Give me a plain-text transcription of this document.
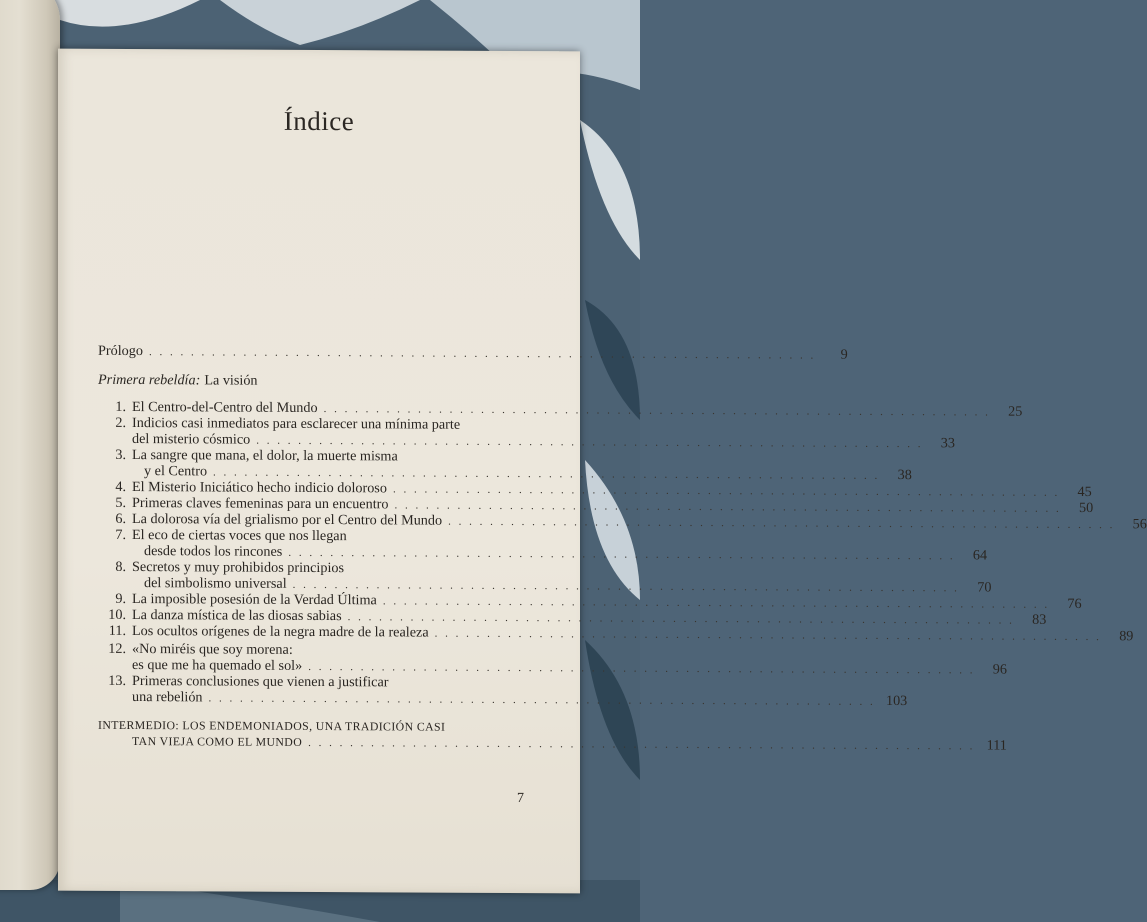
Índice
Prólogo . . . . . . . . . . . . . . . . . . . . . . . . . . . . . . . . . . . . . . . . . . . . . . . . . . . . . . . . . . . . . . . .	9
Primera rebeldía: La visión
1. El Centro-del-Centro del Mundo . . . . . . . . . . . . . . . . . . . . . . . . . . . . . . . . . . . . . . . . . . . . . . . . . . . . . . . . . . . . . . . .	25
2. Indicios casi inmediatos para esclarecer una mínima parte
del misterio cósmico . . . . . . . . . . . . . . . . . . . . . . . . . . . . . . . . . . . . . . . . . . . . . . . . . . . . . . . . . . . . . . . .	33
3. La sangre que mana, el dolor, la muerte misma
y el Centro . . . . . . . . . . . . . . . . . . . . . . . . . . . . . . . . . . . . . . . . . . . . . . . . . . . . . . . . . . . . . . . .	38
4. El Misterio Iniciático hecho indicio doloroso . . . . . . . . . . . . . . . . . . . . . . . . . . . . . . . . . . . . . . . . . . . . . . . . . . . . . . . . . . . . . . . .	45
5. Primeras claves femeninas para un encuentro . . . . . . . . . . . . . . . . . . . . . . . . . . . . . . . . . . . . . . . . . . . . . . . . . . . . . . . . . . . . . . . .	50
6. La dolorosa vía del grialismo por el Centro del Mundo . . . . . . . . . . . . . . . . . . . . . . . . . . . . . . . . . . . . . . . . . . . . . . . . . . . . . . . . . . . . . . . .	56
7. El eco de ciertas voces que nos llegan
desde todos los rincones . . . . . . . . . . . . . . . . . . . . . . . . . . . . . . . . . . . . . . . . . . . . . . . . . . . . . . . . . . . . . . . .	64
8. Secretos y muy prohibidos principios
del simbolismo universal . . . . . . . . . . . . . . . . . . . . . . . . . . . . . . . . . . . . . . . . . . . . . . . . . . . . . . . . . . . . . . . .	70
9. La imposible posesión de la Verdad Última . . . . . . . . . . . . . . . . . . . . . . . . . . . . . . . . . . . . . . . . . . . . . . . . . . . . . . . . . . . . . . . .	76
10. La danza mística de las diosas sabias . . . . . . . . . . . . . . . . . . . . . . . . . . . . . . . . . . . . . . . . . . . . . . . . . . . . . . . . . . . . . . . .	83
11. Los ocultos orígenes de la negra madre de la realeza . . . . . . . . . . . . . . . . . . . . . . . . . . . . . . . . . . . . . . . . . . . . . . . . . . . . . . . . . . . . . . . .	89
12. «No miréis que soy morena:
es que me ha quemado el sol» . . . . . . . . . . . . . . . . . . . . . . . . . . . . . . . . . . . . . . . . . . . . . . . . . . . . . . . . . . . . . . . .	96
13. Primeras conclusiones que vienen a justificar
una rebelión . . . . . . . . . . . . . . . . . . . . . . . . . . . . . . . . . . . . . . . . . . . . . . . . . . . . . . . . . . . . . . . . 103
INTERMEDIO: LOS ENDEMONIADOS, UNA TRADICIÓN CASI
TAN VIEJA COMO EL MUNDO . . . . . . . . . . . . . . . . . . . . . . . . . . . . . . . . . . . . . . . . . . . . . . . . . . . . . . . . . . . . . . . . 111
7
